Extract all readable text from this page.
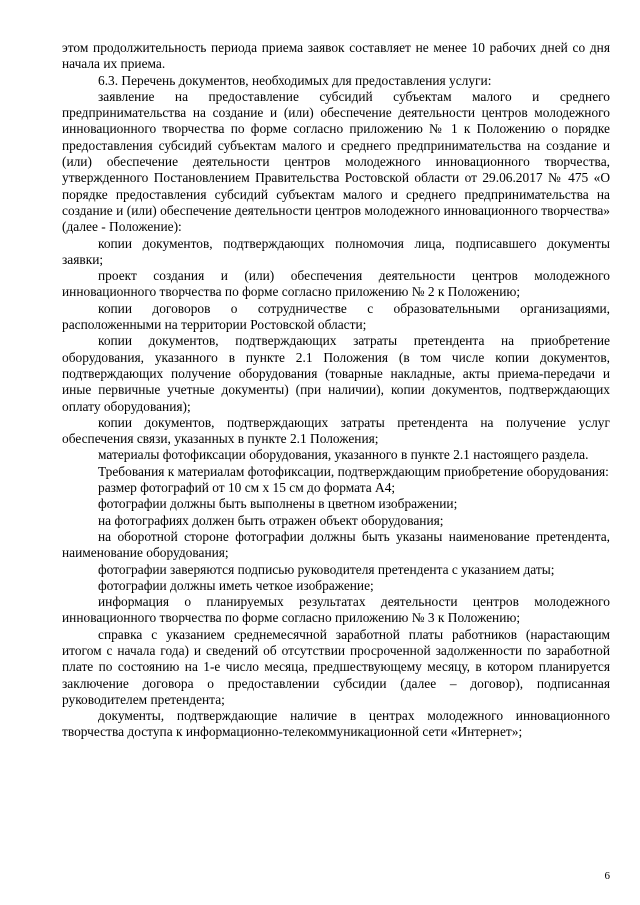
этом продолжительность периода приема заявок составляет не менее 10 рабочих дней со дня начала их приема.

6.3. Перечень документов, необходимых для предоставления услуги:

заявление на предоставление субсидий субъектам малого и среднего предпринимательства на создание и (или) обеспечение деятельности центров молодежного инновационного творчества по форме согласно приложению № 1 к Положению о порядке предоставления субсидий субъектам малого и среднего предпринимательства на создание и (или) обеспечение деятельности центров молодежного инновационного творчества, утвержденного Постановлением Правительства Ростовской области от 29.06.2017 № 475 «О порядке предоставления субсидий субъектам малого и среднего предпринимательства на создание и (или) обеспечение деятельности центров молодежного инновационного творчества» (далее - Положение):

копии документов, подтверждающих полномочия лица, подписавшего документы заявки;

проект создания и (или) обеспечения деятельности центров молодежного инновационного творчества по форме согласно приложению № 2 к Положению;

копии договоров о сотрудничестве с образовательными организациями, расположенными на территории Ростовской области;

копии документов, подтверждающих затраты претендента на приобретение оборудования, указанного в пункте 2.1 Положения (в том числе копии документов, подтверждающих получение оборудования (товарные накладные, акты приема-передачи и иные первичные учетные документы) (при наличии), копии документов, подтверждающих оплату оборудования);

копии документов, подтверждающих затраты претендента на получение услуг обеспечения связи, указанных в пункте 2.1 Положения;

материалы фотофиксации оборудования, указанного в пункте 2.1 настоящего раздела.

Требования к материалам фотофиксации, подтверждающим приобретение оборудования:

размер фотографий от 10 см х 15 см до формата А4;

фотографии должны быть выполнены в цветном изображении;

на фотографиях должен быть отражен объект оборудования;

на оборотной стороне фотографии должны быть указаны наименование претендента, наименование оборудования;

фотографии заверяются подписью руководителя претендента с указанием даты;

фотографии должны иметь четкое изображение;

информация о планируемых результатах деятельности центров молодежного инновационного творчества по форме согласно приложению № 3 к Положению;

справка с указанием среднемесячной заработной платы работников (нарастающим итогом с начала года) и сведений об отсутствии просроченной задолженности по заработной плате по состоянию на 1-е число месяца, предшествующему месяцу, в котором планируется заключение договора о предоставлении субсидии (далее – договор), подписанная руководителем претендента;

документы, подтверждающие наличие в центрах молодежного инновационного творчества доступа к информационно-телекоммуникационной сети «Интернет»;

6
